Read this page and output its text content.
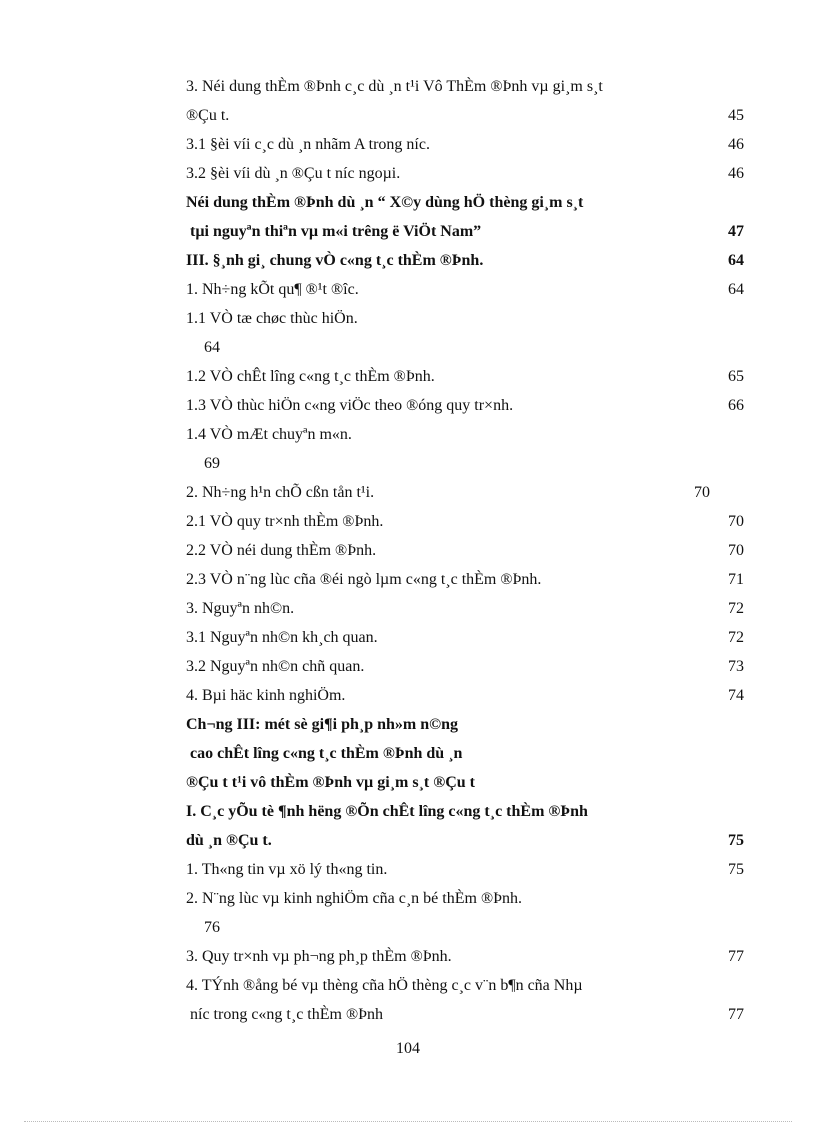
3. Néi dung thÈm ®Þnh c¸c dù ¸n t¹i Vô ThÈm ®Þnh vµ gi¸m s¸t
®Çu t.	45
3.1 §èi víi c¸c dù ¸n nhãm A trong níc.	46
3.2 §èi víi dù ¸n ®Çu t níc ngoµi.	46
Néi dung thÈm ®Þnh dù ¸n “ X©y dùng hÖ thèng gi¸m s¸t
tµi nguyªn thiªn vµ m«i trêng ë ViÖt Nam”	47
III. §¸nh gi¸ chung vÒ c«ng t¸c thÈm ®Þnh.	64
1. Nh÷ng kÕt qu¶ ®¹t ®îc.	64
1.1 VÒ tæ chøc thùc hiÖn.
64
1.2 VÒ chÊt lîng c«ng t¸c thÈm ®Þnh.	65
1.3 VÒ thùc hiÖn c«ng viÖc theo ®óng quy tr×nh.	66
1.4 VÒ mÆt chuyªn m«n.
69
2. Nh÷ng h¹n chÕ cßn tån t¹i.	70
2.1 VÒ quy tr×nh thÈm ®Þnh.	70
2.2 VÒ néi dung thÈm ®Þnh.	70
2.3 VÒ n¨ng lùc cña ®éi ngò lµm c«ng t¸c thÈm ®Þnh.	71
3. Nguyªn nh©n.	72
3.1 Nguyªn nh©n kh¸ch quan.	72
3.2 Nguyªn nh©n chñ quan.	73
4. Bµi häc kinh nghiÖm.	74
Ch¬ng III: mét sè gi¶i ph¸p nh»m n©ng
cao chÊt lîng c«ng t¸c thÈm ®Þnh dù ¸n
®Çu t t¹i vô thÈm ®Þnh vµ gi¸m s¸t ®Çu t
I. C¸c yÕu tè ¶nh hëng ®Õn chÊt lîng c«ng t¸c thÈm ®Þnh
dù ¸n ®Çu t.	75
1. Th«ng tin vµ xö lý th«ng tin.	75
2. N¨ng lùc vµ kinh nghiÖm cña c¸n bé thÈm ®Þnh.
76
3. Quy tr×nh vµ ph¬ng ph¸p thÈm ®Þnh.	77
4. TÝnh ®ång bé vµ thèng cña hÖ thèng c¸c v¨n b¶n cña Nhµ
níc trong c«ng t¸c thÈm ®Þnh	77
104
